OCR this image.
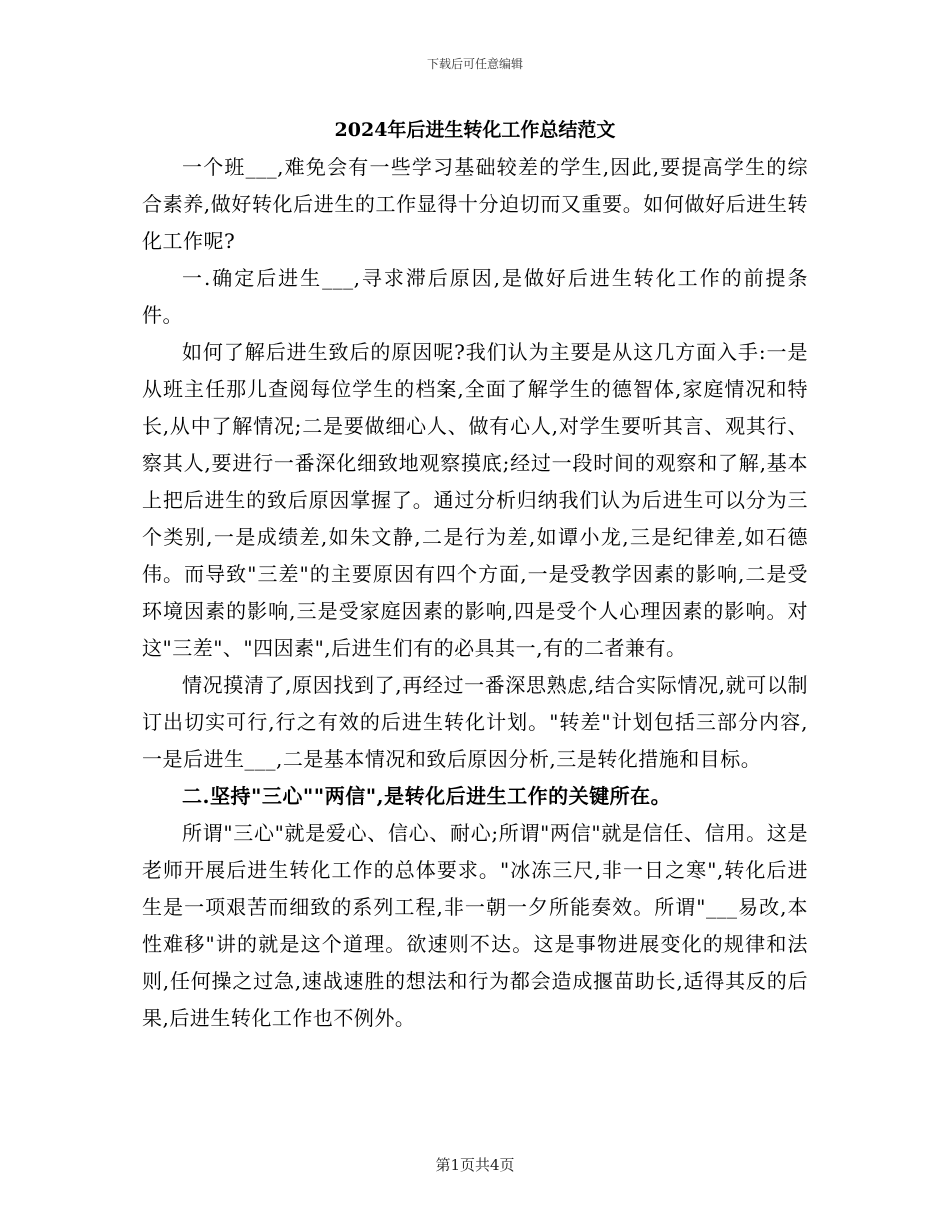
下载后可任意编辑
2024年后进生转化工作总结范文

一个班___,难免会有一些学习基础较差的学生,因此,要提高学生的综合素养,做好转化后进生的工作显得十分迫切而又重要。如何做好后进生转化工作呢?

一.确定后进生___,寻求滞后原因,是做好后进生转化工作的前提条件。

如何了解后进生致后的原因呢?我们认为主要是从这几方面入手:一是从班主任那儿查阅每位学生的档案,全面了解学生的德智体,家庭情况和特长,从中了解情况;二是要做细心人、做有心人,对学生要听其言、观其行、察其人,要进行一番深化细致地观察摸底;经过一段时间的观察和了解,基本上把后进生的致后原因掌握了。通过分析归纳我们认为后进生可以分为三个类别,一是成绩差,如朱文静,二是行为差,如谭小龙,三是纪律差,如石德伟。而导致"三差"的主要原因有四个方面,一是受教学因素的影响,二是受环境因素的影响,三是受家庭因素的影响,四是受个人心理因素的影响。对这"三差"、"四因素",后进生们有的必具其一,有的二者兼有。

情况摸清了,原因找到了,再经过一番深思熟虑,结合实际情况,就可以制订出切实可行,行之有效的后进生转化计划。"转差"计划包括三部分内容,一是后进生___,二是基本情况和致后原因分析,三是转化措施和目标。

二.坚持"三心""两信",是转化后进生工作的关键所在。

所谓"三心"就是爱心、信心、耐心;所谓"两信"就是信任、信用。这是老师开展后进生转化工作的总体要求。"冰冻三尺,非一日之寒",转化后进生是一项艰苦而细致的系列工程,非一朝一夕所能奏效。所谓"___易改,本性难移"讲的就是这个道理。欲速则不达。这是事物进展变化的规律和法则,任何操之过急,速战速胜的想法和行为都会造成揠苗助长,适得其反的后果,后进生转化工作也不例外。

第1页共4页
